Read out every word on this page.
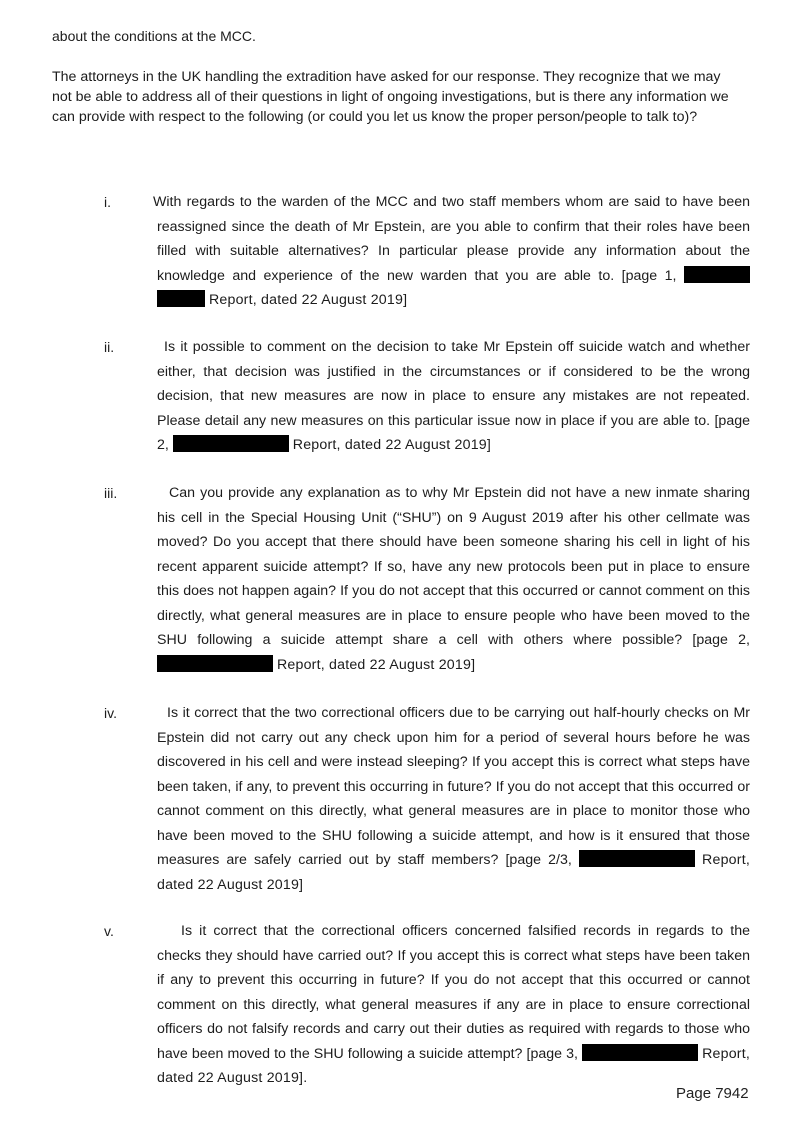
about the conditions at the MCC.

The attorneys in the UK handling the extradition have asked for our response. They recognize that we may not be able to address all of their questions in light of ongoing investigations, but is there any information we can provide with respect to the following (or could you let us know the proper person/people to talk to)?

i.	With regards to the warden of the MCC and two staff members whom are said to have been reassigned since the death of Mr Epstein, are you able to confirm that their roles have been filled with suitable alternatives? In particular please provide any information about the knowledge and experience of the new warden that you are able to. [page 1,   Report, dated 22 August 2019]

ii.	Is it possible to comment on the decision to take Mr Epstein off suicide watch and whether either, that decision was justified in the circumstances or if considered to be the wrong decision, that new measures are now in place to ensure any mistakes are not repeated. Please detail any new measures on this particular issue now in place if you are able to. [page 2,	Report, dated 22 August 2019]

iii.	Can you provide any explanation as to why Mr Epstein did not have a new inmate sharing his cell in the Special Housing Unit (“SHU”) on 9 August 2019 after his other cellmate was moved? Do you accept that there should have been someone sharing his cell in light of his recent apparent suicide attempt? If so, have any new protocols been put in place to ensure this does not happen again? If you do not accept that this occurred or cannot comment on this directly, what general measures are in place to ensure people who have been moved to the SHU following a suicide attempt share a cell with others where possible? [page 2,  Report, dated 22 August 2019]

iv.	Is it correct that the two correctional officers due to be carrying out half-hourly checks on Mr Epstein did not carry out any check upon him for a period of several hours before he was discovered in his cell and were instead sleeping? If you accept this is correct what steps have been taken, if any, to prevent this occurring in future? If you do not accept that this occurred or cannot comment on this directly, what general measures are in place to monitor those who have been moved to the SHU following a suicide attempt, and how is it ensured that those measures are safely carried out by staff members? [page 2/3,	Report, dated 22 August 2019]

v.	Is it correct that the correctional officers concerned falsified records in regards to the checks they should have carried out? If you accept this is correct what steps have been taken if any to prevent this occurring in future? If you do not accept that this occurred or cannot comment on this directly, what general measures if any are in place to ensure correctional officers do not falsify records and carry out their duties as required with regards to those who have been moved to the SHU following a suicide attempt? [page 3,	Report, dated 22 August 2019].

Page 7942
